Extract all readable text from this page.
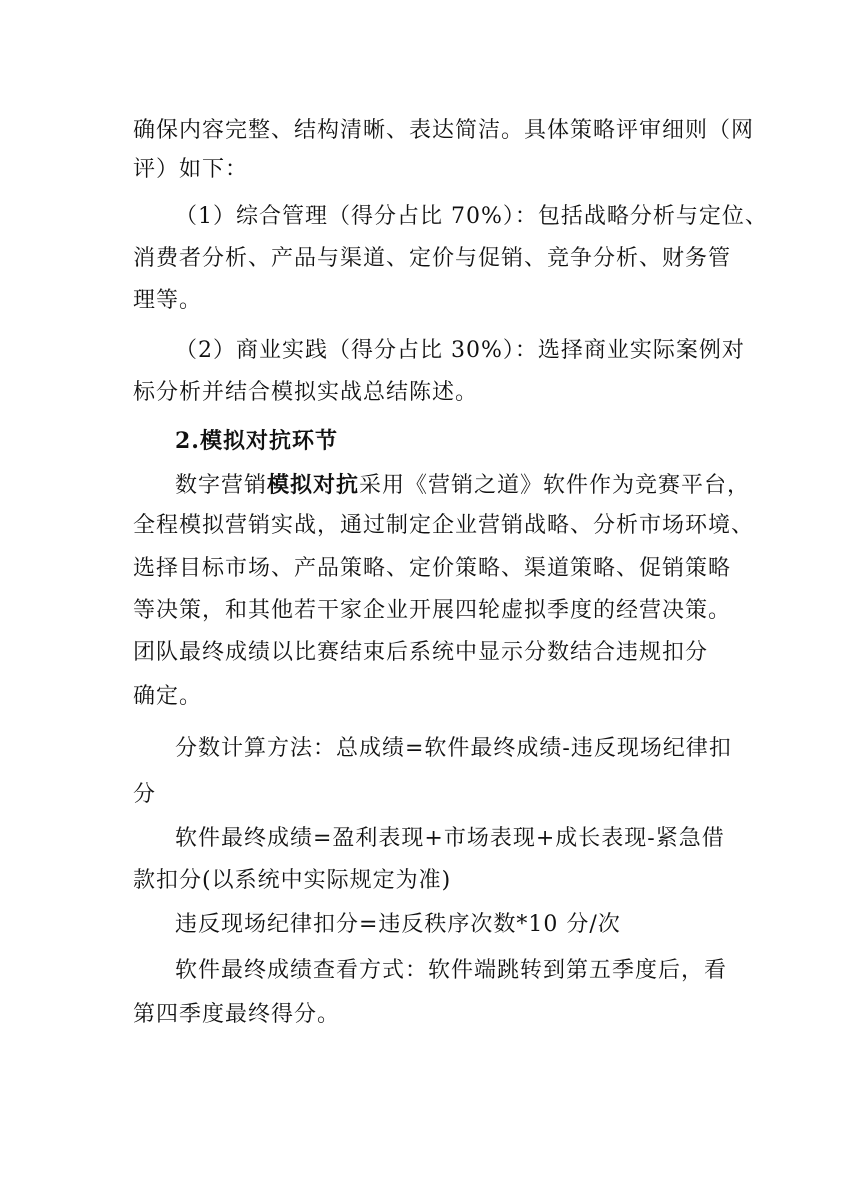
确保内容完整、结构清晰、表达简洁。具体策略评审细则（网
评）如下：
（1）综合管理（得分占比 70%）：包括战略分析与定位、
消费者分析、产品与渠道、定价与促销、竞争分析、财务管
理等。
（2）商业实践（得分占比 30%）：选择商业实际案例对
标分析并结合模拟实战总结陈述。
2.模拟对抗环节
数字营销模拟对抗采用《营销之道》软件作为竞赛平台，
全程模拟营销实战，通过制定企业营销战略、分析市场环境、
选择目标市场、产品策略、定价策略、渠道策略、促销策略
等决策，和其他若干家企业开展四轮虚拟季度的经营决策。
团队最终成绩以比赛结束后系统中显示分数结合违规扣分
确定。
分数计算方法：总成绩=软件最终成绩-违反现场纪律扣
分
软件最终成绩=盈利表现+市场表现+成长表现-紧急借
款扣分(以系统中实际规定为准)
违反现场纪律扣分=违反秩序次数*10 分/次
软件最终成绩查看方式：软件端跳转到第五季度后，看
第四季度最终得分。
